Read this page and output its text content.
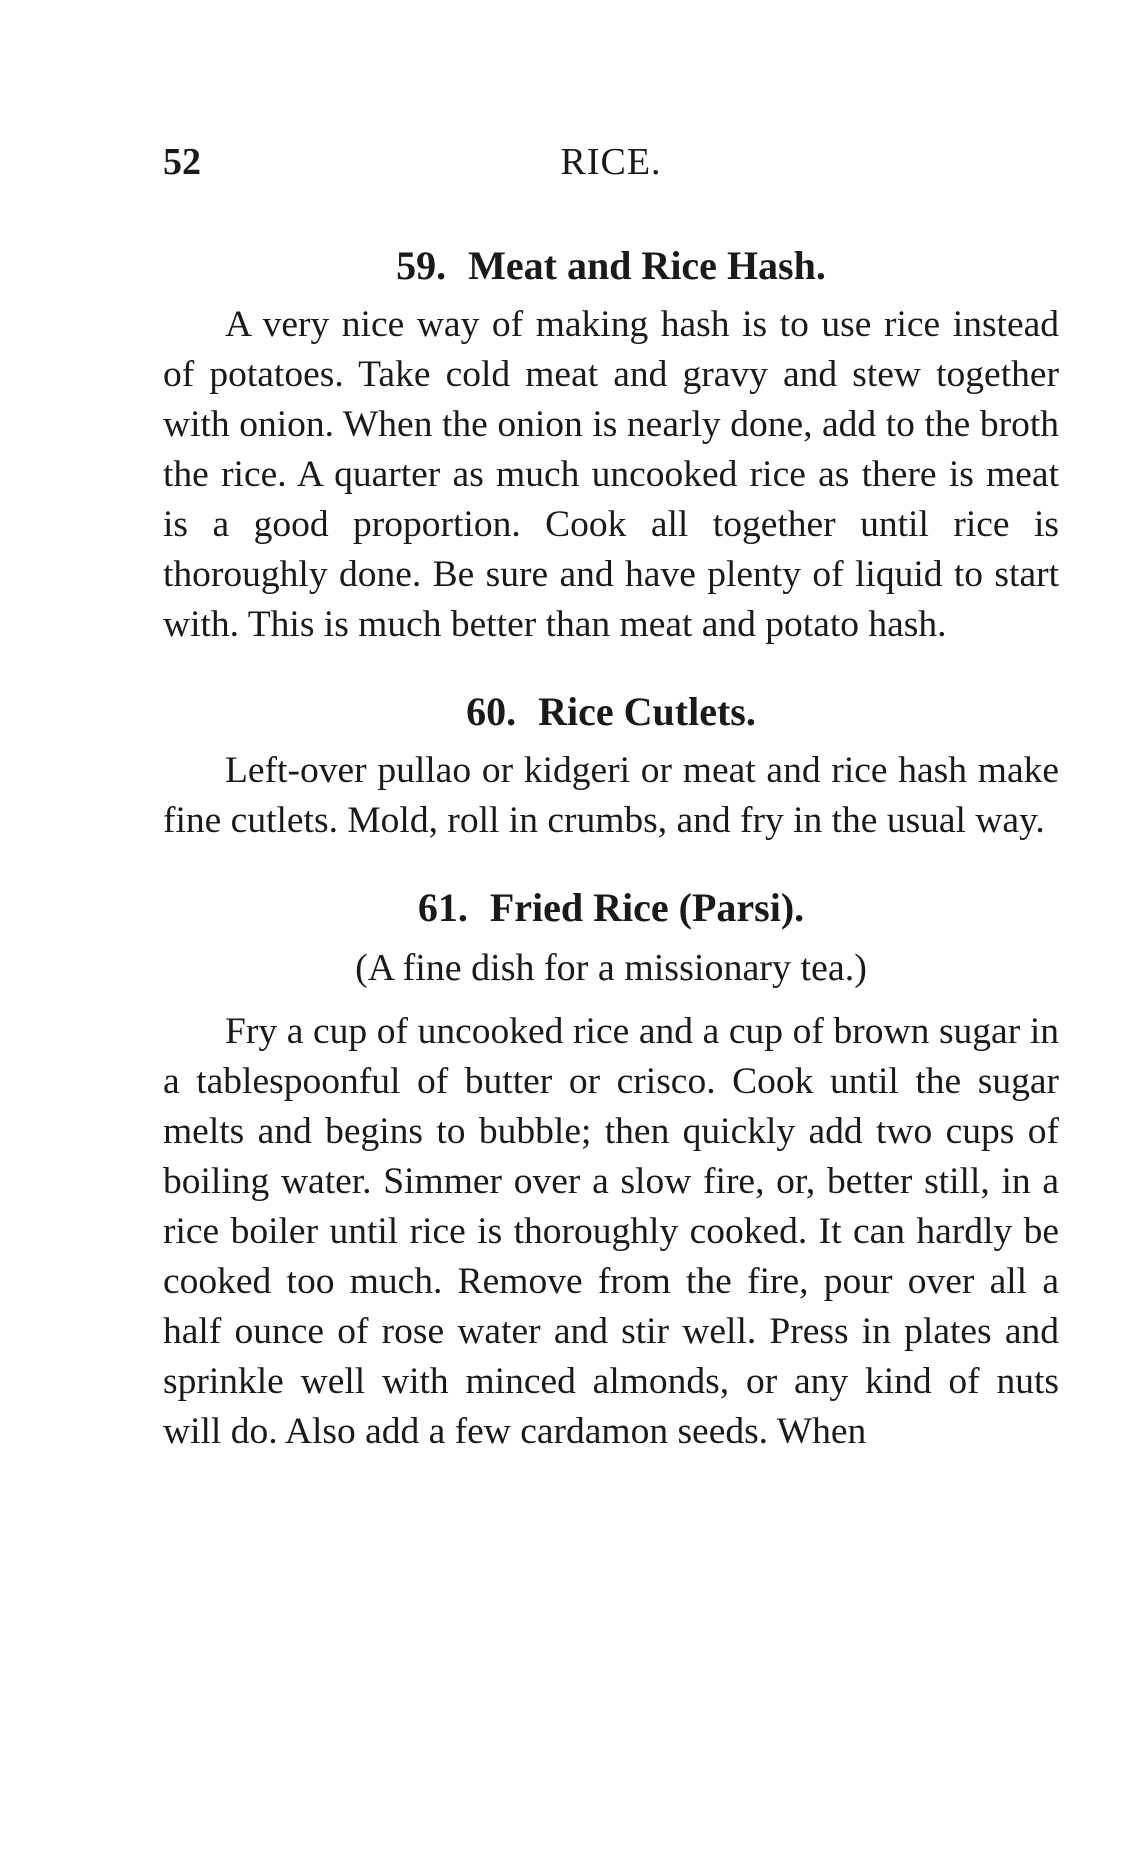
52	RICE.
59. Meat and Rice Hash.

A very nice way of making hash is to use rice instead of potatoes. Take cold meat and gravy and stew together with onion. When the onion is nearly done, add to the broth the rice. A quarter as much uncooked rice as there is meat is a good proportion. Cook all together until rice is thoroughly done. Be sure and have plenty of liquid to start with. This is much better than meat and potato hash.

60. Rice Cutlets.

Left-over pullao or kidgeri or meat and rice hash make fine cutlets. Mold, roll in crumbs, and fry in the usual way.

61. Fried Rice (Parsi).
(A fine dish for a missionary tea.)

Fry a cup of uncooked rice and a cup of brown sugar in a tablespoonful of butter or crisco. Cook until the sugar melts and begins to bubble; then quickly add two cups of boiling water. Simmer over a slow fire, or, better still, in a rice boiler until rice is thoroughly cooked. It can hardly be cooked too much. Remove from the fire, pour over all a half ounce of rose water and stir well. Press in plates and sprinkle well with minced almonds, or any kind of nuts will do. Also add a few cardamon seeds. When
